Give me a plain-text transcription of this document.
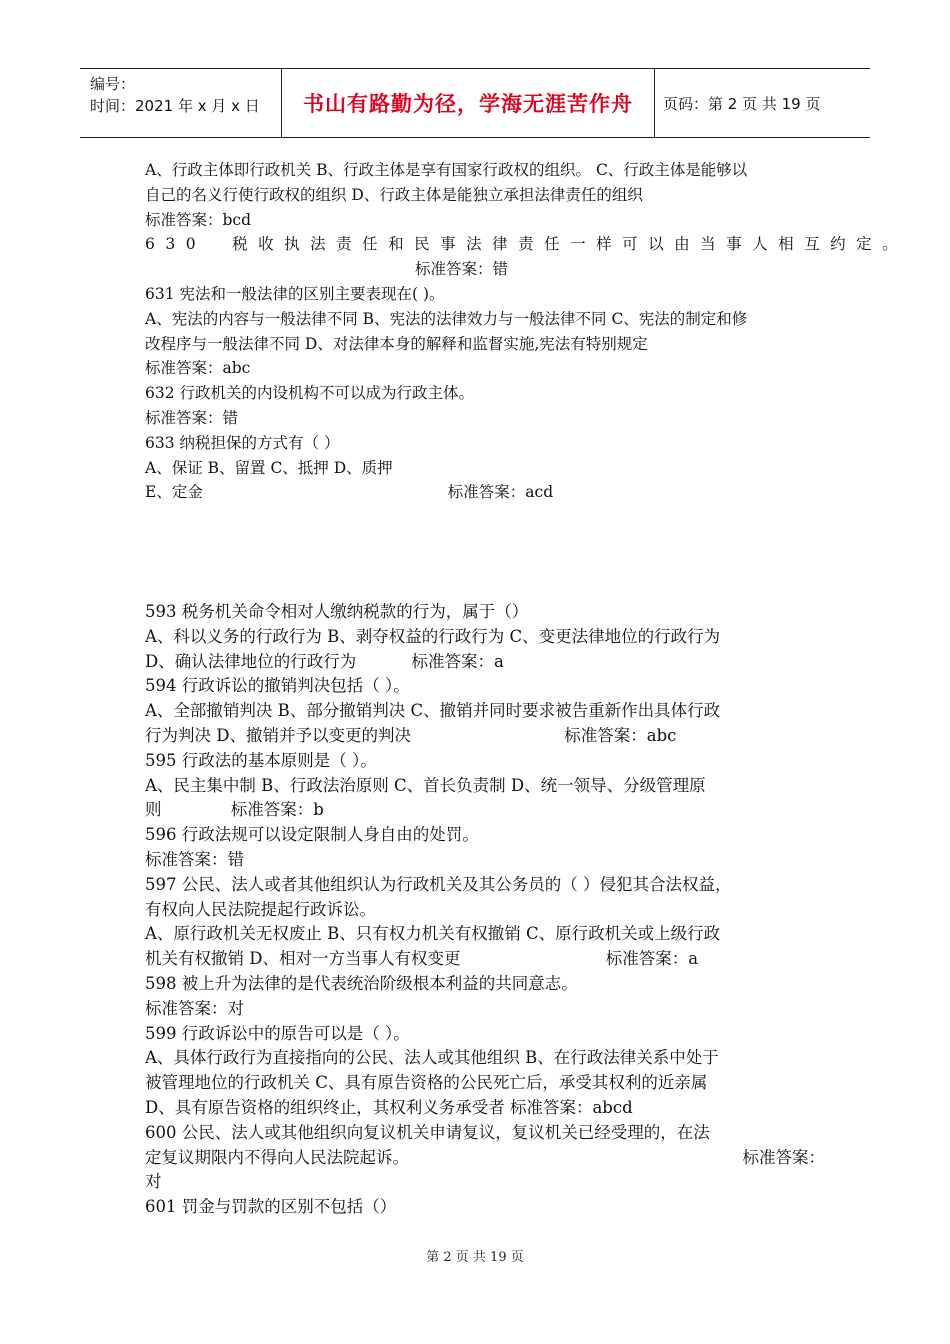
编号：
时间：2021 年 x 月 x 日	书山有路勤为径，学海无涯苦作舟 页码：第 2 页 共 19 页
A、行政主体即行政机关 B、行政主体是享有国家行政权的组织。 C、行政主体是能够以
自己的名义行使行政权的组织 D、行政主体是能独立承担法律责任的组织
标准答案：bcd
630　税收执法责任和民事法律责任一样可以由当事人相互约定。
标准答案：错
631 宪法和一般法律的区别主要表现在( )。
A、宪法的内容与一般法律不同 B、宪法的法律效力与一般法律不同 C、宪法的制定和修
改程序与一般法律不同 D、对法律本身的解释和监督实施,宪法有特别规定
标准答案：abc
632 行政机关的内设机构不可以成为行政主体。
标准答案：错
633 纳税担保的方式有（ ）
A、保证 B、留置 C、抵押 D、质押
E、定金	标准答案：acd
593 税务机关命令相对人缴纳税款的行为，属于（）
A、科以义务的行政行为 B、剥夺权益的行政行为 C、变更法律地位的行政行为
D、确认法律地位的行政行为	标准答案：a
594 行政诉讼的撤销判决包括（ ）。
A、全部撤销判决 B、部分撤销判决 C、撤销并同时要求被告重新作出具体行政
行为判决 D、撤销并予以变更的判决	标准答案：abc
595 行政法的基本原则是（ ）。
A、民主集中制 B、行政法治原则 C、首长负责制 D、统一领导、分级管理原
则	标准答案：b
596 行政法规可以设定限制人身自由的处罚。
标准答案：错
597 公民、法人或者其他组织认为行政机关及其公务员的（ ）侵犯其合法权益，
有权向人民法院提起行政诉讼。
A、原行政机关无权废止 B、只有权力机关有权撤销 C、原行政机关或上级行政
机关有权撤销 D、相对一方当事人有权变更	标准答案：a
598 被上升为法律的是代表统治阶级根本利益的共同意志。
标准答案：对
599 行政诉讼中的原告可以是（ ）。
A、具体行政行为直接指向的公民、法人或其他组织 B、在行政法律关系中处于
被管理地位的行政机关 C、具有原告资格的公民死亡后，承受其权利的近亲属
D、具有原告资格的组织终止，其权利义务承受者 标准答案：abcd
600 公民、法人或其他组织向复议机关申请复议，复议机关已经受理的，在法
定复议期限内不得向人民法院起诉。	标准答案：
对
601 罚金与罚款的区别不包括（）
第 2 页 共 19 页
